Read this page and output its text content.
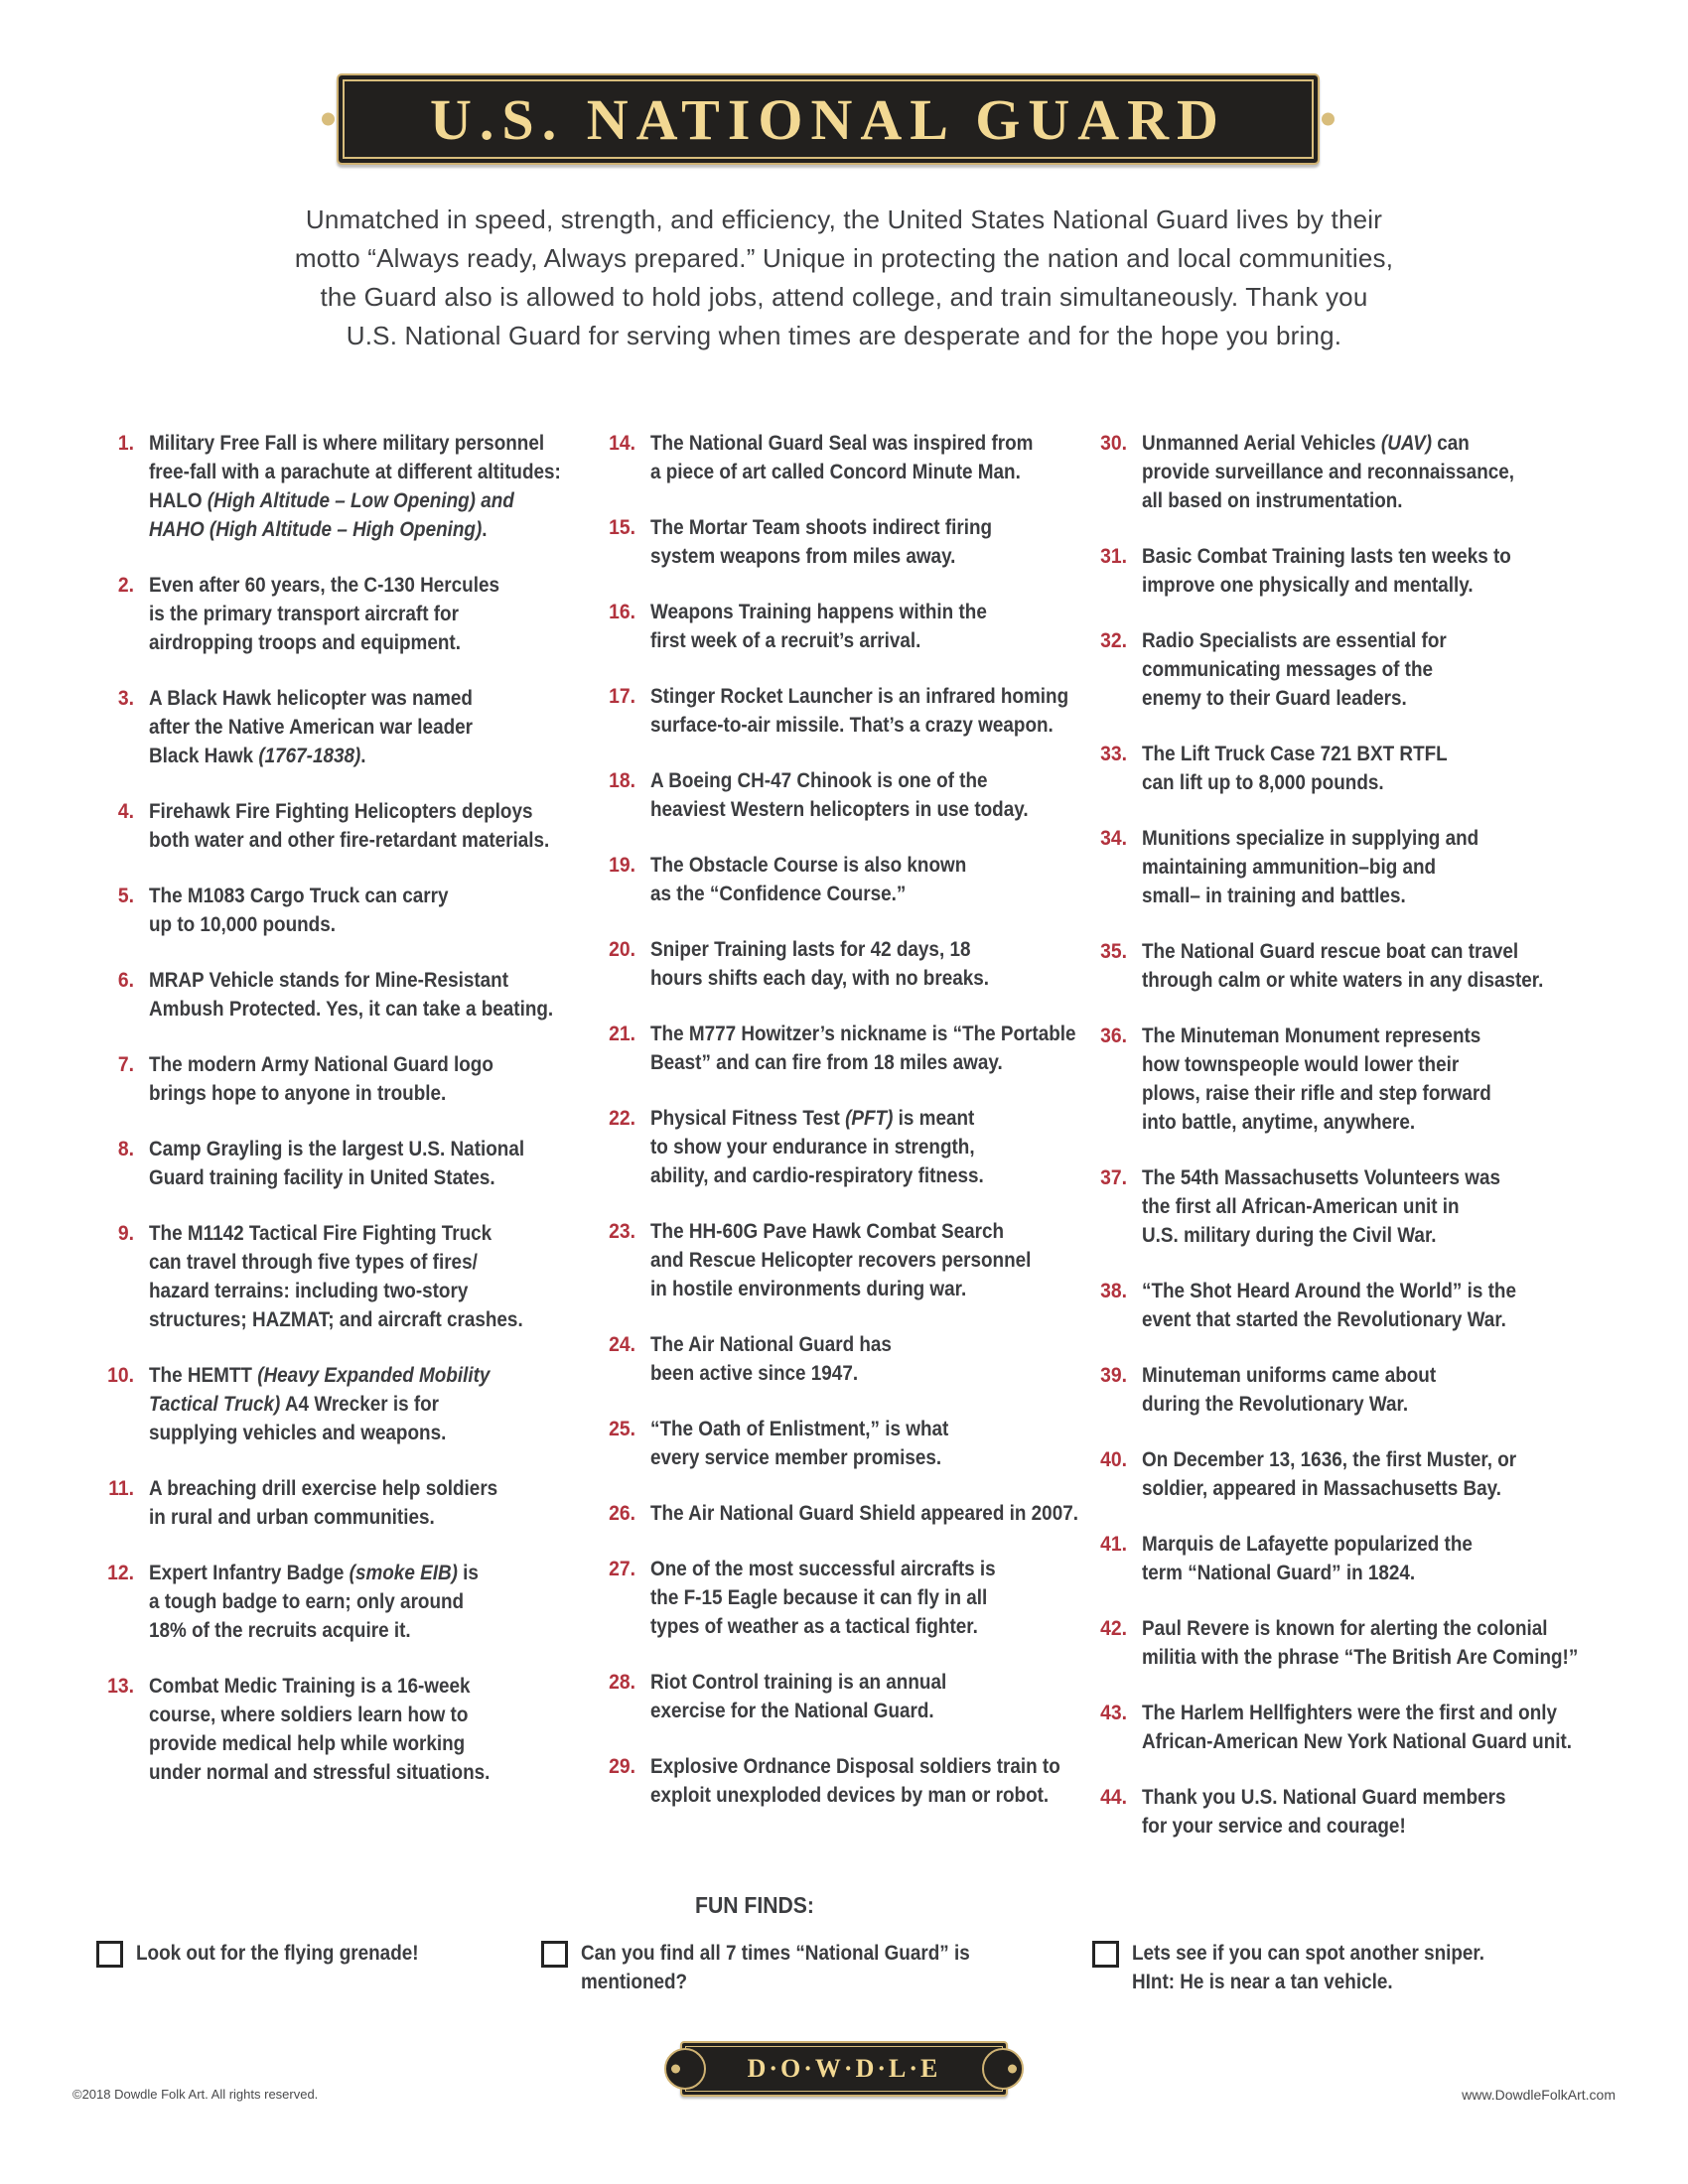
U.S. NATIONAL GUARD
Unmatched in speed, strength, and efficiency, the United States National Guard lives by their
motto “Always ready, Always prepared.” Unique in protecting the nation and local communities,
the Guard also is allowed to hold jobs, attend college, and train simultaneously. Thank you
U.S. National Guard for serving when times are desperate and for the hope you bring.
1. Military Free Fall is where military personnel
free-fall with a parachute at different altitudes:
HALO (High Altitude – Low Opening) and
HAHO (High Altitude – High Opening).
2. Even after 60 years, the C-130 Hercules
is the primary transport aircraft for
airdropping troops and equipment.
3. A Black Hawk helicopter was named
after the Native American war leader
Black Hawk (1767-1838).
4. Firehawk Fire Fighting Helicopters deploys
both water and other fire-retardant materials.
5. The M1083 Cargo Truck can carry
up to 10,000 pounds.
6. MRAP Vehicle stands for Mine-Resistant
Ambush Protected. Yes, it can take a beating.
7. The modern Army National Guard logo
brings hope to anyone in trouble.
8. Camp Grayling is the largest U.S. National
Guard training facility in United States.
9. The M1142 Tactical Fire Fighting Truck
can travel through five types of fires/
hazard terrains: including two-story
structures; HAZMAT; and aircraft crashes.
10. The HEMTT (Heavy Expanded Mobility
Tactical Truck) A4 Wrecker is for
supplying vehicles and weapons.
11. A breaching drill exercise help soldiers
in rural and urban communities.
12. Expert Infantry Badge (smoke EIB) is
a tough badge to earn; only around
18% of the recruits acquire it.
13. Combat Medic Training is a 16-week
course, where soldiers learn how to
provide medical help while working
under normal and stressful situations.
14. The National Guard Seal was inspired from
a piece of art called Concord Minute Man.
15. The Mortar Team shoots indirect firing
system weapons from miles away.
16. Weapons Training happens within the
first week of a recruit’s arrival.
17. Stinger Rocket Launcher is an infrared homing
surface-to-air missile. That’s a crazy weapon.
18. A Boeing CH-47 Chinook is one of the
heaviest Western helicopters in use today.
19. The Obstacle Course is also known
as the “Confidence Course.”
20. Sniper Training lasts for 42 days, 18
hours shifts each day, with no breaks.
21. The M777 Howitzer’s nickname is “The Portable
Beast” and can fire from 18 miles away.
22. Physical Fitness Test (PFT) is meant
to show your endurance in strength,
ability, and cardio-respiratory fitness.
23. The HH-60G Pave Hawk Combat Search
and Rescue Helicopter recovers personnel
in hostile environments during war.
24. The Air National Guard has
been active since 1947.
25. “The Oath of Enlistment,” is what
every service member promises.
26. The Air National Guard Shield appeared in 2007.
27. One of the most successful aircrafts is
the F-15 Eagle because it can fly in all
types of weather as a tactical fighter.
28. Riot Control training is an annual
exercise for the National Guard.
29. Explosive Ordnance Disposal soldiers train to
exploit unexploded devices by man or robot.
30. Unmanned Aerial Vehicles (UAV) can
provide surveillance and reconnaissance,
all based on instrumentation.
31. Basic Combat Training lasts ten weeks to
improve one physically and mentally.
32. Radio Specialists are essential for
communicating messages of the
enemy to their Guard leaders.
33. The Lift Truck Case 721 BXT RTFL
can lift up to 8,000 pounds.
34. Munitions specialize in supplying and
maintaining ammunition–big and
small– in training and battles.
35. The National Guard rescue boat can travel
through calm or white waters in any disaster.
36. The Minuteman Monument represents
how townspeople would lower their
plows, raise their rifle and step forward
into battle, anytime, anywhere.
37. The 54th Massachusetts Volunteers was
the first all African-American unit in
U.S. military during the Civil War.
38. “The Shot Heard Around the World” is the
event that started the Revolutionary War.
39. Minuteman uniforms came about
during the Revolutionary War.
40. On December 13, 1636, the first Muster, or
soldier, appeared in Massachusetts Bay.
41. Marquis de Lafayette popularized the
term “National Guard” in 1824.
42. Paul Revere is known for alerting the colonial
militia with the phrase “The British Are Coming!”
43. The Harlem Hellfighters were the first and only
African-American New York National Guard unit.
44. Thank you U.S. National Guard members
for your service and courage!
FUN FINDS:
Look out for the flying grenade!	Can you find all 7 times “National Guard” is
mentioned?
Lets see if you can spot another sniper.
HInt: He is near a tan vehicle.
©2018 Dowdle Folk Art. All rights reserved.
D·O·W·D·L·E
www.DowdleFolkArt.com
